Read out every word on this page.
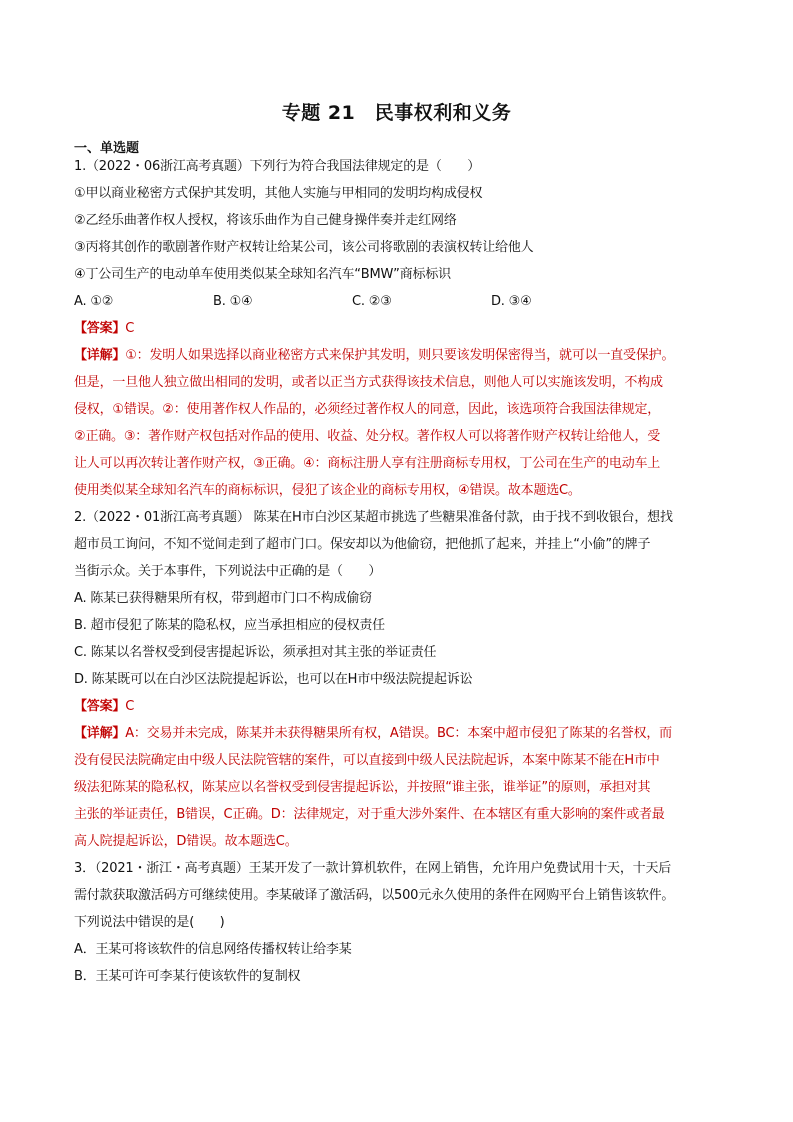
专题 21　民事权利和义务
一、单选题
1.（2022・06浙江高考真题）下列行为符合我国法律规定的是（　　）
①甲以商业秘密方式保护其发明，其他人实施与甲相同的发明均构成侵权
②乙经乐曲著作权人授权，将该乐曲作为自己健身操伴奏并走红网络
③丙将其创作的歌剧著作财产权转让给某公司，该公司将歌剧的表演权转让给他人
④丁公司生产的电动单车使用类似某全球知名汽车“BMW”商标标识
A. ①②	B. ①④	C. ②③	D. ③④
【答案】C
【详解】①：发明人如果选择以商业秘密方式来保护其发明，则只要该发明保密得当，就可以一直受保护。
但是，一旦他人独立做出相同的发明，或者以正当方式获得该技术信息，则他人可以实施该发明，不构成
侵权，①错误。②：使用著作权人作品的，必须经过著作权人的同意，因此，该选项符合我国法律规定，
②正确。③：著作财产权包括对作品的使用、收益、处分权。著作权人可以将著作财产权转让给他人，受
让人可以再次转让著作财产权，③正确。④：商标注册人享有注册商标专用权，丁公司在生产的电动车上
使用类似某全球知名汽车的商标标识，侵犯了该企业的商标专用权，④错误。故本题选C。
2.（2022・01浙江高考真题） 陈某在H市白沙区某超市挑选了些糖果准备付款，由于找不到收银台，想找
超市员工询问，不知不觉间走到了超市门口。保安却以为他偷窃，把他抓了起来，并挂上“小偷”的牌子
当街示众。关于本事件，下列说法中正确的是（　　）
A. 陈某已获得糖果所有权，带到超市门口不构成偷窃
B. 超市侵犯了陈某的隐私权，应当承担相应的侵权责任
C. 陈某以名誉权受到侵害提起诉讼，须承担对其主张的举证责任
D. 陈某既可以在白沙区法院提起诉讼，也可以在H市中级法院提起诉讼
【答案】C
【详解】A：交易并未完成，陈某并未获得糖果所有权，A错误。BC：本案中超市侵犯了陈某的名誉权，而
没有侵民法院确定由中级人民法院管辖的案件，可以直接到中级人民法院起诉，本案中陈某不能在H市中
级法犯陈某的隐私权，陈某应以名誉权受到侵害提起诉讼，并按照“谁主张，谁举证”的原则，承担对其
主张的举证责任，B错误，C正确。D：法律规定，对于重大涉外案件、在本辖区有重大影响的案件或者最
高人院提起诉讼，D错误。故本题选C。
3．（2021・浙江・高考真题）王某开发了一款计算机软件，在网上销售，允许用户免费试用十天，十天后
需付款获取激活码方可继续使用。李某破译了激活码，以500元永久使用的条件在网购平台上销售该软件。
下列说法中错误的是(　　)
A．王某可将该软件的信息网络传播权转让给李某
B．王某可许可李某行使该软件的复制权
